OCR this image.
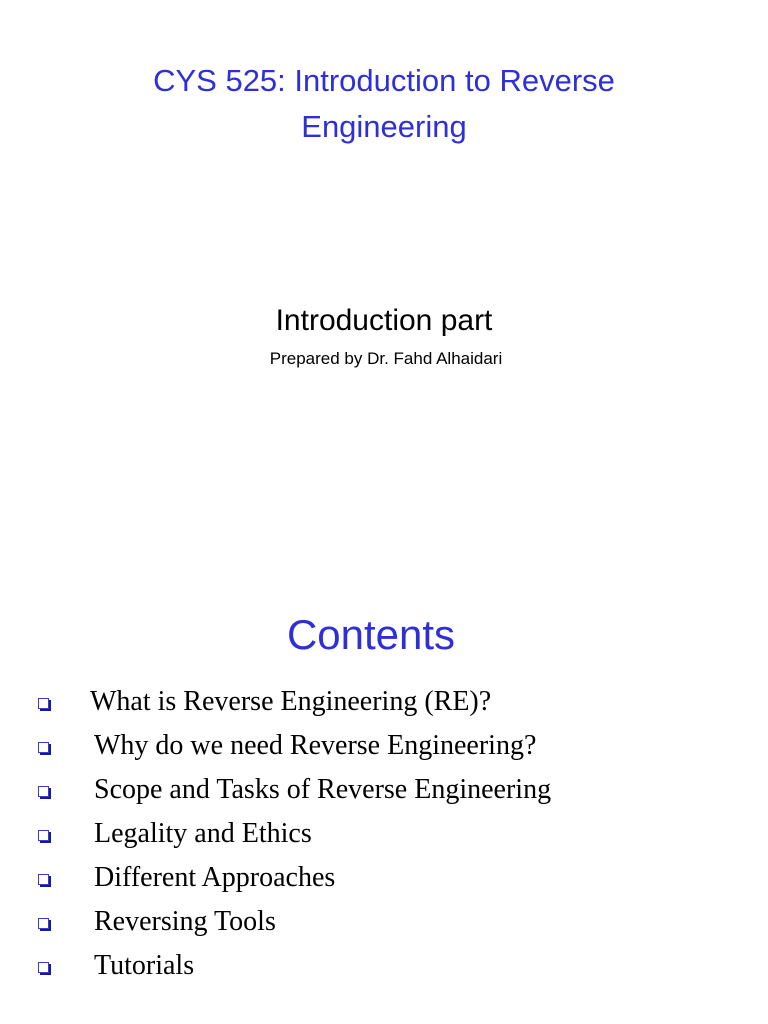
CYS 525: Introduction to Reverse
Engineering
Introduction part
Prepared by Dr. Fahd Alhaidari
Contents
What is Reverse Engineering (RE)?
Why do we need Reverse Engineering?
Scope and Tasks of Reverse Engineering
Legality and Ethics
Different Approaches
Reversing Tools
Tutorials
